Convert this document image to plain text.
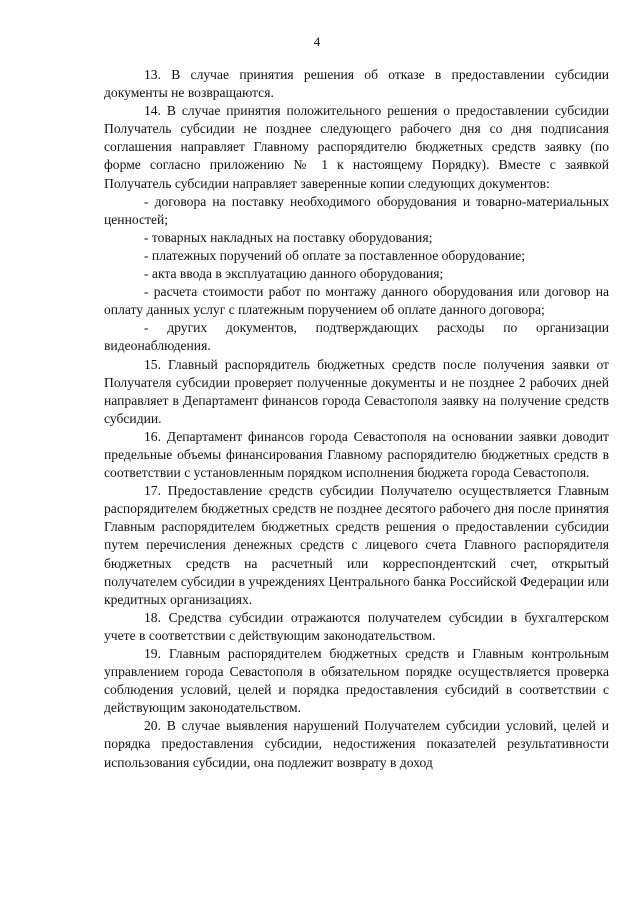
4

13. В случае принятия решения об отказе в предоставлении субсидии документы не возвращаются.

14. В случае принятия положительного решения о предоставлении субсидии Получатель субсидии не позднее следующего рабочего дня со дня подписания соглашения направляет Главному распорядителю бюджетных средств заявку (по форме согласно приложению № 1 к настоящему Порядку). Вместе с заявкой Получатель субсидии направляет заверенные копии следующих документов:

- договора на поставку необходимого оборудования и товарно-материальных ценностей;

- товарных накладных на поставку оборудования;

- платежных поручений об оплате за поставленное оборудование;

- акта ввода в эксплуатацию данного оборудования;

- расчета стоимости работ по монтажу данного оборудования или договор на оплату данных услуг с платежным поручением об оплате данного договора;

- других документов, подтверждающих расходы по организации видеонаблюдения.

15. Главный распорядитель бюджетных средств после получения заявки от Получателя субсидии проверяет полученные документы и не позднее 2 рабочих дней направляет в Департамент финансов города Севастополя заявку на получение средств субсидии.

16. Департамент финансов города Севастополя на основании заявки доводит предельные объемы финансирования Главному распорядителю бюджетных средств в соответствии с установленным порядком исполнения бюджета города Севастополя.

17. Предоставление средств субсидии Получателю осуществляется Главным распорядителем бюджетных средств не позднее десятого рабочего дня после принятия Главным распорядителем бюджетных средств решения о предоставлении субсидии путем перечисления денежных средств с лицевого счета Главного распорядителя бюджетных средств на расчетный или корреспондентский счет, открытый получателем субсидии в учреждениях Центрального банка Российской Федерации или кредитных организациях.

18. Средства субсидии отражаются получателем субсидии в бухгалтерском учете в соответствии с действующим законодательством.

19. Главным распорядителем бюджетных средств и Главным контрольным управлением города Севастополя в обязательном порядке осуществляется проверка соблюдения условий, целей и порядка предоставления субсидий в соответствии с действующим законодательством.

20. В случае выявления нарушений Получателем субсидии условий, целей и порядка предоставления субсидии, недостижения показателей результативности использования субсидии, она подлежит возврату в доход
